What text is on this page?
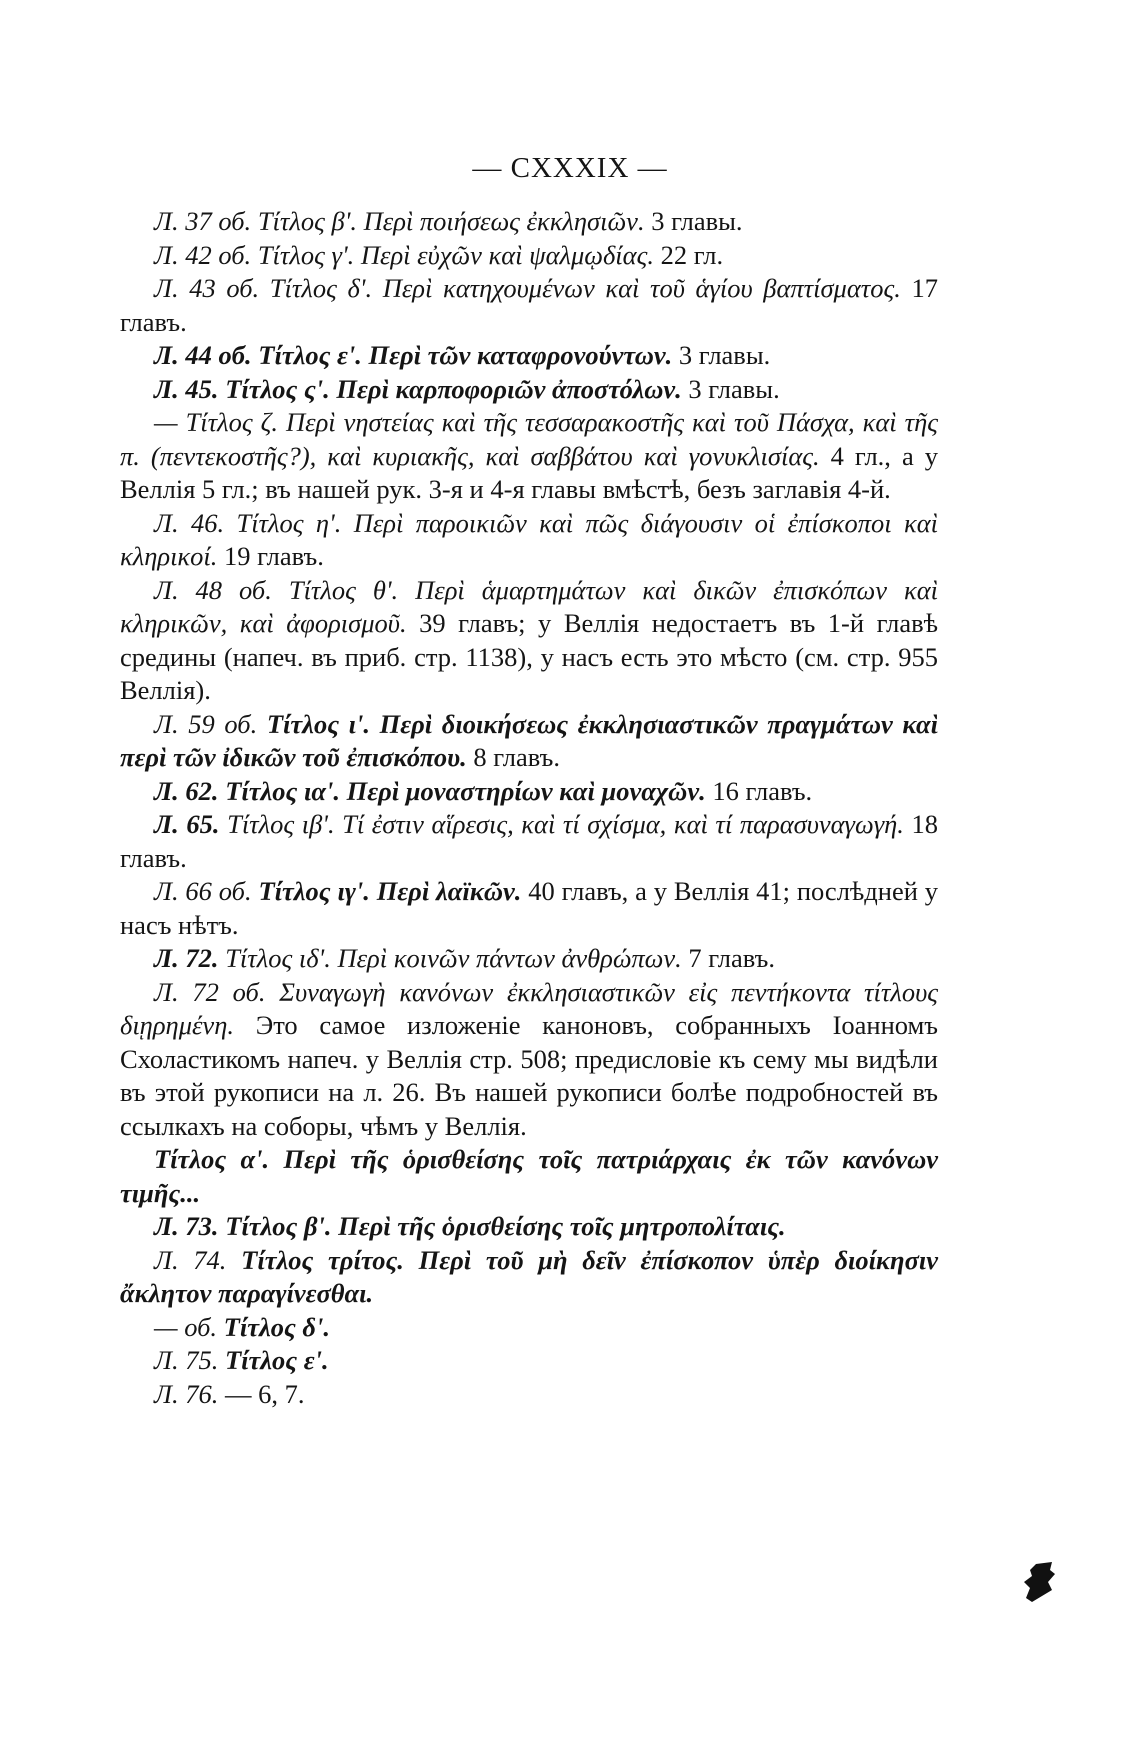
— CXXXIX —

Л. 37 об. Τίτλος β'. Περὶ ποιήσεως ἐκκλησιῶν. 3 главы.

Л. 42 об. Τίτλος γ'. Περὶ εὐχῶν καὶ ψαλμῳδίας. 22 гл.

Л. 43 об. Τίτλος δ'. Περὶ κατηχουμένων καὶ τοῦ ἁγίου βαπτίσματος. 17 главъ.

Л. 44 об. Τίτλος ε'. Περὶ τῶν καταφρονούντων. 3 главы.

Л. 45. Τίτλος ς'. Περὶ καρποφοριῶν ἀποστόλων. 3 главы.

— Τίτλος ζ. Περὶ νηστείας καὶ τῆς τεσσαρακοστῆς καὶ τοῦ Πάσχα, καὶ τῆς π. (πεντεκοστῆς?), καὶ κυριακῆς, καὶ σαββάτου καὶ γονυκλισίας. 4 гл., а у Веллія 5 гл.; въ нашей рук. 3-я и 4-я главы вмѣстѣ, безъ заглавія 4-й.

Л. 46. Τίτλος η'. Περὶ παροικιῶν καὶ πῶς διάγουσιν οἱ ἐπίσκοποι καὶ κληρικοί. 19 главъ.

Л. 48 об. Τίτλος θ'. Περὶ ἁμαρτημάτων καὶ δικῶν ἐπισκόπων καὶ κληρικῶν, καὶ ἀφορισμοῦ. 39 главъ; у Веллія недостаетъ въ 1-й главѣ средины (напеч. въ приб. стр. 1138), у насъ есть это мѣсто (см. стр. 955 Веллія).

Л. 59 об. Τίτλος ι'. Περὶ διοικήσεως ἐκκλησιαστικῶν πραγμάτων καὶ περὶ τῶν ἰδικῶν τοῦ ἐπισκόπου. 8 главъ.

Л. 62. Τίτλος ια'. Περὶ μοναστηρίων καὶ μοναχῶν. 16 главъ.

Л. 65. Τίτλος ιβ'. Τί ἐστιν αἵρεσις, καὶ τί σχίσμα, καὶ τί παρασυναγωγή. 18 главъ.

Л. 66 об. Τίτλος ιγ'. Περὶ λαϊκῶν. 40 главъ, а у Веллія 41; послѣдней у насъ нѣтъ.

Л. 72. Τίτλος ιδ'. Περὶ κοινῶν πάντων ἀνθρώπων. 7 главъ.

Л. 72 об. Συναγωγὴ κανόνων ἐκκλησιαστικῶν εἰς πεντήκοντα τίτλους διῃρημένη. Это самое изложеніе каноновъ, собранныхъ Іоанномъ Схоластикомъ напеч. у Веллія стр. 508; предисловіе къ сему мы видѣли въ этой рукописи на л. 26. Въ нашей рукописи болѣе подробностей въ ссылкахъ на соборы, чѣмъ у Веллія.

Τίτλος α'. Περὶ τῆς ὁρισθείσης τοῖς πατριάρχαις ἐκ τῶν κανόνων τιμῆς...

Л. 73. Τίτλος β'. Περὶ τῆς ὁρισθείσης τοῖς μητροπολίταις.

Л. 74. Τίτλος τρίτος. Περὶ τοῦ μὴ δεῖν ἐπίσκοπον ὑπὲρ διοίκησιν ἄκλητον παραγίνεσθαι.

— об. Τίτλος δ'.

Л. 75. Τίτλος ε'.

Л. 76. — 6, 7.
